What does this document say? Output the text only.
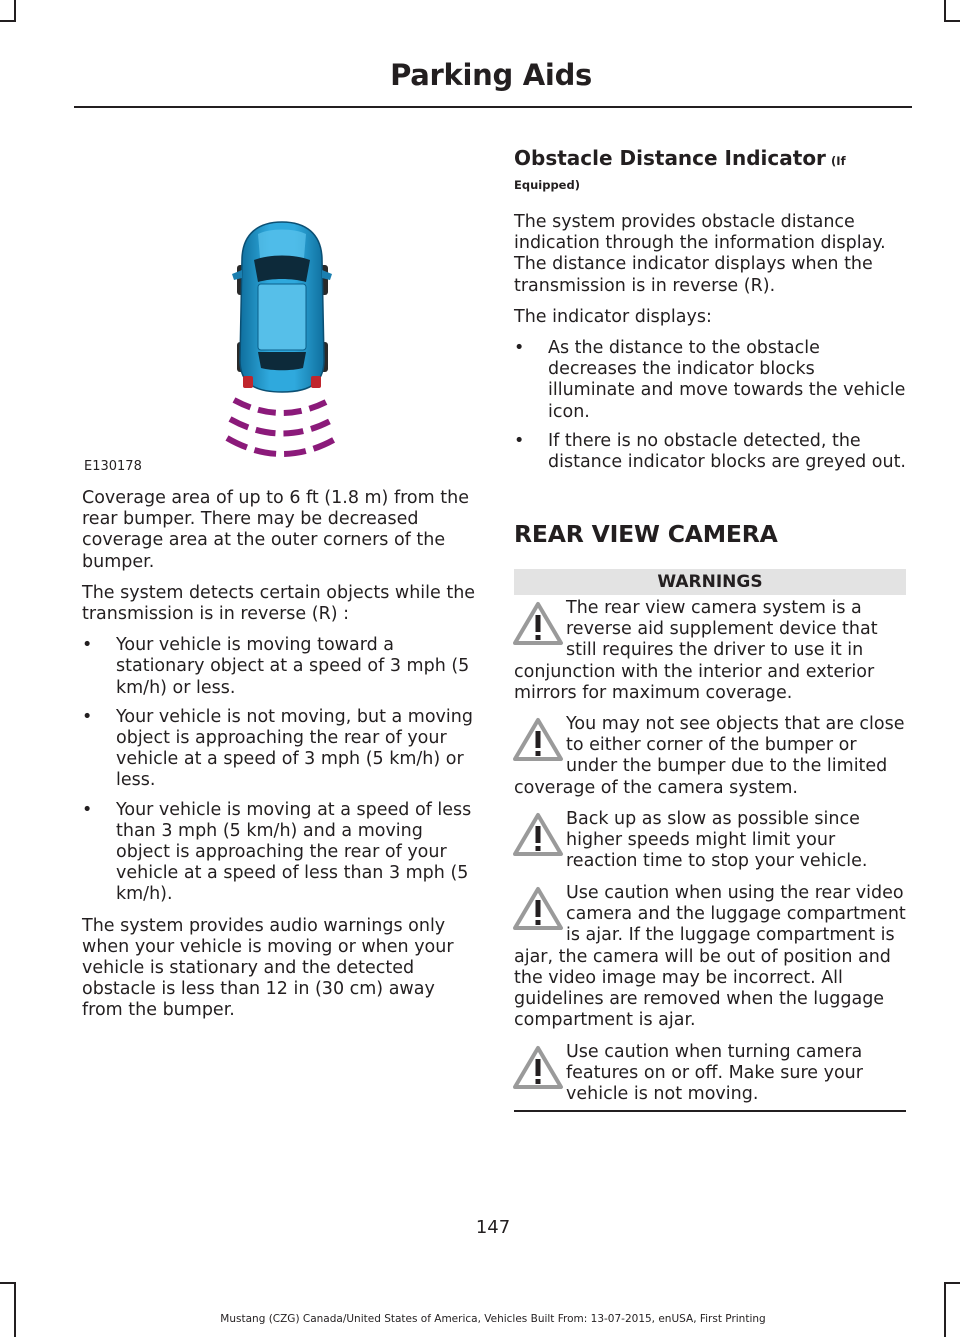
Parking Aids
E130178

Coverage area of up to 6 ft (1.8 m) from the rear bumper. There may be decreased coverage area at the outer corners of the bumper.

The system detects certain objects while the transmission is in reverse (R) :

• Your vehicle is moving toward a stationary object at a speed of 3 mph (5 km/h) or less.
• Your vehicle is not moving, but a moving object is approaching the rear of your vehicle at a speed of 3 mph (5 km/h) or less.
• Your vehicle is moving at a speed of less than 3 mph (5 km/h) and a moving object is approaching the rear of your vehicle at a speed of less than 3 mph (5 km/h).

The system provides audio warnings only when your vehicle is moving or when your vehicle is stationary and the detected obstacle is less than 12 in (30 cm) away from the bumper.

Obstacle Distance Indicator (If
Equipped)

The system provides obstacle distance indication through the information display. The distance indicator displays when the transmission is in reverse (R).

The indicator displays:

• As the distance to the obstacle decreases the indicator blocks illuminate and move towards the vehicle icon.
• If there is no obstacle detected, the distance indicator blocks are greyed out.
REAR VIEW CAMERA
WARNINGS
The rear view camera system is a reverse aid supplement device that still requires the driver to use it in conjunction with the interior and exterior mirrors for maximum coverage.
You may not see objects that are close to either corner of the bumper or under the bumper due to the limited coverage of the camera system.
Back up as slow as possible since higher speeds might limit your reaction time to stop your vehicle.
Use caution when using the rear video camera and the luggage compartment is ajar. If the luggage compartment is ajar, the camera will be out of position and the video image may be incorrect. All guidelines are removed when the luggage compartment is ajar.
Use caution when turning camera features on or off. Make sure your vehicle is not moving.
147
Mustang (CZG) Canada/United States of America, Vehicles Built From: 13-07-2015, enUSA, First Printing
